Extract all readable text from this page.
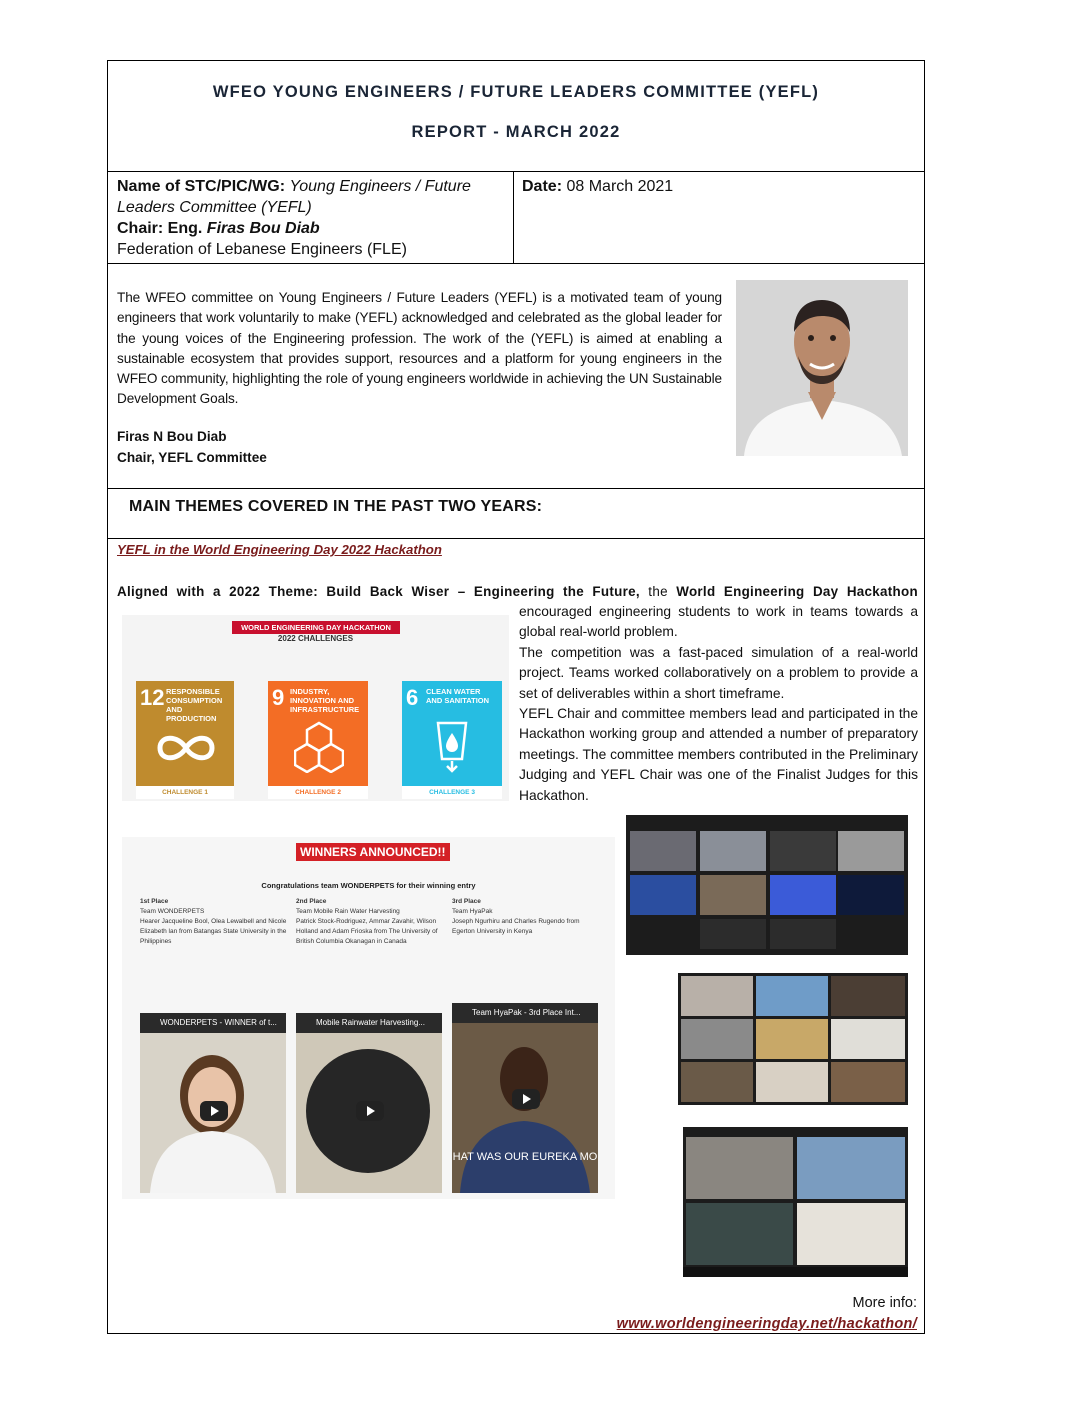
WFEO YOUNG ENGINEERS / FUTURE LEADERS COMMITTEE (YEFL)
REPORT - MARCH 2022
Name of STC/PIC/WG: Young Engineers / Future
Leaders Committee (YEFL)
Chair: Eng. Firas Bou Diab
Federation of Lebanese Engineers (FLE)
Date: 08 March 2021
The WFEO committee on Young Engineers / Future Leaders (YEFL) is a motivated team of young engineers that work voluntarily to make (YEFL) acknowledged and celebrated as the global leader for the young voices of the Engineering profession. The work of the (YEFL) is aimed at enabling a sustainable ecosystem that provides support, resources and a platform for young engineers in the WFEO community, highlighting the role of young engineers worldwide in achieving the UN Sustainable Development Goals.
Firas N Bou Diab
Chair, YEFL Committee
MAIN THEMES COVERED IN THE PAST TWO YEARS:
YEFL in the World Engineering Day 2022 Hackathon
Aligned with a 2022 Theme: Build Back Wiser – Engineering the Future, the World Engineering Day Hackathon
encouraged engineering students to work in teams towards a global real-world problem.
The competition was a fast-paced simulation of a real-world project. Teams worked collaboratively on a problem to provide a set of deliverables within a short timeframe.
YEFL Chair and committee members lead and participated in the Hackathon working group and attended a number of preparatory meetings. The committee members contributed in the Preliminary Judging and YEFL Chair was one of the Finalist Judges for this Hackathon.
WORLD ENGINEERING DAY HACKATHON
2022 CHALLENGES
12 RESPONSIBLE CONSUMPTION AND PRODUCTION
CHALLENGE 1
9 INDUSTRY, INNOVATION AND INFRASTRUCTURE
CHALLENGE 2
6 CLEAN WATER AND SANITATION
CHALLENGE 3
WINNERS ANNOUNCED!!
Congratulations team WONDERPETS for their winning entry
1st Place
Team WONDERPETS
Hearer Jacqueline Bool, Olea Lewalbell and Nicole Elizabeth lan from Batangas State University in the Philippines
2nd Place
Team Mobile Rain Water Harvesting
Patrick Stock-Rodriguez, Ammar Zavahir, Wilson Holland and Adam Frioska from The University of British Columbia Okanagan in Canada
3rd Place
Team HyaPak
Joseph Ngurhiru and Charles Rugendo from Egerton University in Kenya
WONDERPETS - WINNER of t...	Mobile Rainwater Harvesting...
Team HyaPak - 3rd Place Int...
HAT WAS OUR EUREKA MO
More info:
www.worldengineeringday.net/hackathon/
